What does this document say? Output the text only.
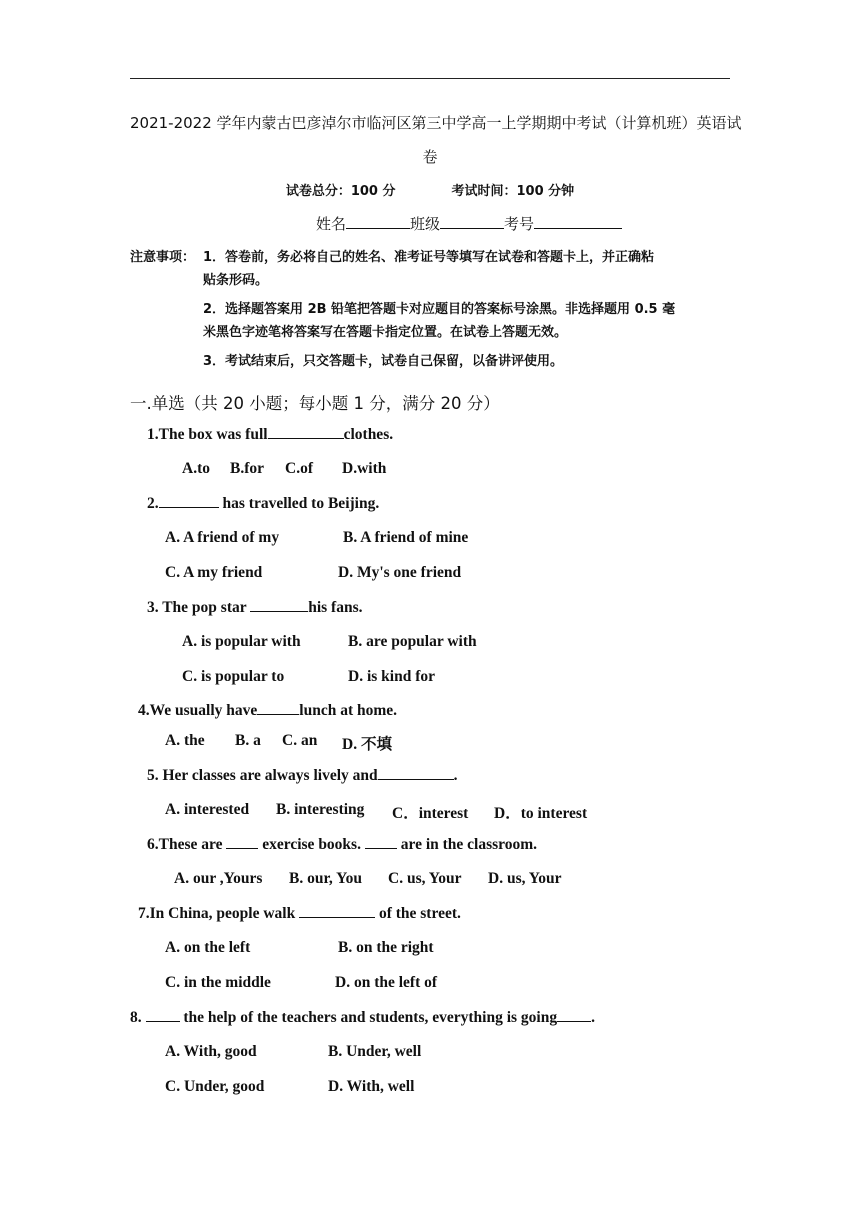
2021-2022 学年内蒙古巴彦淖尔市临河区第三中学高一上学期期中考试（计算机班）英语试
卷
试卷总分：100 分	考试时间：100 分钟
姓名	班级	考号
注意事项： 1．答卷前，务必将自己的姓名、准考证号等填写在试卷和答题卡上，并正确粘
贴条形码。
2．选择题答案用 2B 铅笔把答题卡对应题目的答案标号涂黑。非选择题用 0.5 毫
米黑色字迹笔将答案写在答题卡指定位置。在试卷上答题无效。
3．考试结束后，只交答题卡，试卷自己保留，以备讲评使用。
一.单选（共 20 小题；每小题 1 分，满分 20 分）
1.The box was full	clothes.
A.to B.for C.of D.with
2.	has travelled to Beijing.
A. A friend of my	B. A friend of mine
C. A my friend	D. My's one friend
3. The pop star	his fans.
A. is popular with	B. are popular with
C. is popular to	D. is kind for
4.We usually have	lunch at home.
A. the B. a C. an D. 不填
5. Her classes are always lively and	.
A. interested B. interesting C．interest D．to interest
6.These are  exercise books.  are in the classroom.
A. our ,Yours B. our, You C. us, Your D. us, Your
7.In China, people walk	of the street.
A. on the left	B. on the right
C. in the middle	D. on the left of
8.  the help of the teachers and students, everything is going .
A. With, good	B. Under, well
C. Under, good	D. With, well
